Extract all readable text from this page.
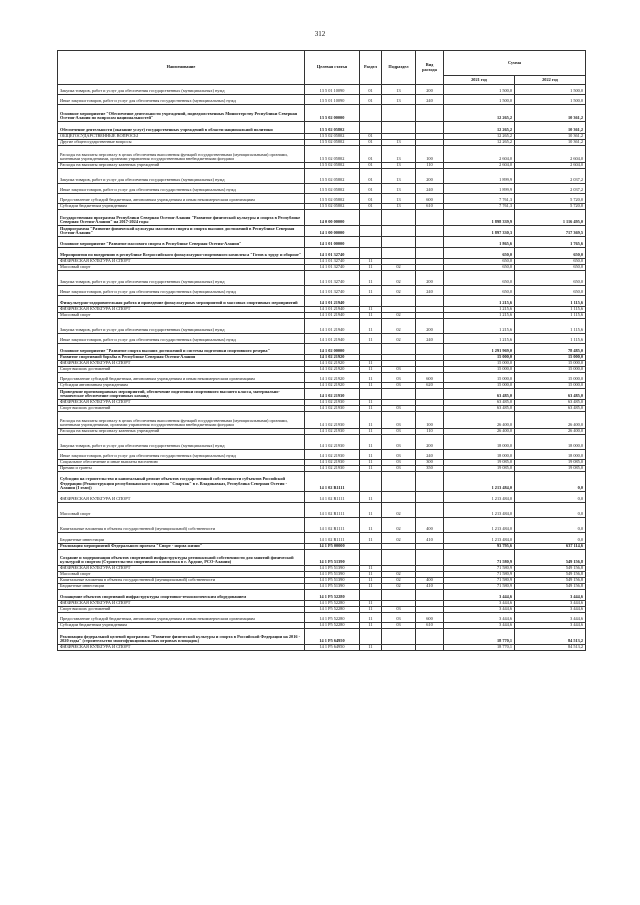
312
Наименование	Целевая статья	Раздел	Подраздел	Вид расхода	Сумма	
					2021 год	2022 год
Закупка товаров, работ и услуг для обеспечения государственных (муниципальных) нужд	13 5 01 10090	01	13	200	1 500,0	1 500,0
Иные закупки товаров, работ и услуг для обеспечения государственных (муниципальных) нужд	13 5 01 10090	01	13	240	1 500,0	1 500,0
Основное мероприятие "Обеспечение деятельности учреждений, подведомственных Министерству Республики Северная Осетия-Алания по вопросам национальностей"	13 5 02 00000				12 265,2	10 361,2
Обеспечение деятельности (оказание услуг) государственных учреждений в области национальной политики	13 5 02 05802				12 265,2	10 361,2
ОБЩЕГОСУДАРСТВЕННЫЕ ВОПРОСЫ	13 5 02 05802	01			12 265,2	10 361,2
Другие общегосударственные вопросы	13 5 02 05802	01	13		12 265,2	10 361,2
Расходы на выплаты персоналу в целях обеспечения выполнения функций государственными (муниципальными) органами, казенными учреждениями, органами управления государственными внебюджетными фондами	13 5 02 05802	01	13	100	2 604,0	2 604,0
Расходы на выплаты персоналу казенных учреждений	13 5 02 05802	01	13	110	2 604,0	2 604,0
Закупка товаров, работ и услуг для обеспечения государственных (муниципальных) нужд	13 5 02 05802	01	13	200	1 899,9	2 037,2
Иные закупки товаров, работ и услуг для обеспечения государственных (муниципальных) нужд	13 5 02 05802	01	13	240	1 899,9	2 037,2
Предоставление субсидий бюджетным, автономным учреждениям и иным некоммерческим организациям	13 5 02 05802	01	13	600	7 761,3	5 720,0
Субсидии бюджетным учреждениям	13 5 02 05802	01	13	610	7 761,3	5 720,0
Государственная программа Республики Северная Осетия-Алания "Развитие физической культуры и спорта в Республике Северная Осетия-Алания" на 2017-2024 годы	14 0 00 00000				1 898 339,9	1 116 495,0
Подпрограмма "Развитие физической культуры массового спорта и спорта высших достижений в Республике Северная Осетия-Алания"	14 1 00 00000				1 897 330,3	717 369,5
Основное мероприятие "Развитие массового спорта в Республике Северная Осетия-Алания"	14 1 01 00000				1 865,6	1 765,6
Мероприятия по внедрению в республике Всероссийского физкультурно-спортивного комплекса "Готов к труду и обороне"	14 1 01 32740				650,0	650,0
ФИЗИЧЕСКАЯ КУЛЬТУРА И СПОРТ	14 1 01 32740	11			650,0	650,0
Массовый спорт	14 1 01 32740	11	02		650,0	650,0
Закупка товаров, работ и услуг для обеспечения государственных (муниципальных) нужд	14 1 01 32740	11	02	200	650,0	650,0
Иные закупки товаров, работ и услуг для обеспечения государственных (муниципальных) нужд	14 1 01 32740	11	02	240	650,0	650,0
Физкультурно-оздоровительная работа и проведение физкультурных мероприятий и массовых спортивных мероприятий	14 1 01 21940				1 215,6	1 115,6
ФИЗИЧЕСКАЯ КУЛЬТУРА И СПОРТ	14 1 01 21940	11			1 215,6	1 115,6
Массовый спорт	14 1 01 21940	11	02		1 215,6	1 115,6
Закупка товаров, работ и услуг для обеспечения государственных (муниципальных) нужд	14 1 01 21940	11	02	200	1 215,6	1 115,6
Иные закупки товаров, работ и услуг для обеспечения государственных (муниципальных) нужд	14 1 01 21940	11	02	240	1 215,6	1 115,6
Основное мероприятие "Развитие спорта высших достижений и системы подготовки спортивного резерва"	14 1 02 00000				1 291 969,0	78 485,0
Развитие спортивной борьбы в Республике Северная Осетия-Алания	14 1 02 21920				15 000,0	15 000,0
ФИЗИЧЕСКАЯ КУЛЬТУРА И СПОРТ	14 1 02 21920	11			15 000,0	15 000,0
Спорт высших достижений	14 1 02 21920	11	03		15 000,0	15 000,0
Предоставление субсидий бюджетным, автономным учреждениям и иным некоммерческим организациям	14 1 02 21920	11	03	600	15 000,0	15 000,0
Субсидии автономным учреждениям	14 1 02 21920	11	03	620	15 000,0	15 000,0
Проведение противоправных мероприятий, обеспечение подготовки спортивного высшего класса, материально-техническое обеспечение спортивных команд	14 1 02 21930				63 485,0	63 485,0
ФИЗИЧЕСКАЯ КУЛЬТУРА И СПОРТ	14 1 02 21930	11			63 485,0	63 485,0
Спорт высших достижений	14 1 02 21930	11	03		63 485,0	63 485,0
Расходы на выплаты персоналу в целях обеспечения выполнения функций государственными (муниципальными) органами, казенными учреждениями, органами управления государственными внебюджетными фондами	14 1 02 21930	11	03	100	26 400,0	26 400,0
Расходы на выплаты персоналу казенных учреждений	14 1 02 21930	11	03	110	26 400,0	26 400,0
Закупка товаров, работ и услуг для обеспечения государственных (муниципальных) нужд	14 1 02 21930	11	03	200	18 000,0	18 000,0
Иные закупки товаров, работ и услуг для обеспечения государственных (муниципальных) нужд	14 1 02 21930	11	03	240	18 000,0	18 000,0
Социальное обеспечение и иные выплаты населению	14 1 02 21930	11	03	300	19 085,0	19 085,0
Премии и гранты	14 1 02 21930	11	03	350	19 085,0	19 085,0
Субсидии на строительство и капитальный ремонт объектов государственной собственности субъектов Российской Федерации (Реконструкция республиканского стадиона "Спартак" в г. Владикавказ, Республика Северная Осетия - Алания (I этап))	14 1 02 R1111				1 213 484,0	0,0
ФИЗИЧЕСКАЯ КУЛЬТУРА И СПОРТ	14 1 02 R1111	11			1 213 484,0	0,0
Массовый спорт	14 1 02 R1111	11	02		1 213 484,0	0,0
Капитальные вложения в объекты государственной (муниципальной) собственности	14 1 02 R1111	11	02	400	1 213 484,0	0,0
Бюджетные инвестиции	14 1 02 R1111	11	02	410	1 213 484,0	0,0
Реализация мероприятий Федерального проекта "Спорт - норма жизни"	14 1 P5 00000				93 795,6	637 114,6
Создание и модернизация объектов спортивной инфраструктуры региональной собственности для занятий физической культурой и спортом (Строительство спортивного комплекса в г. Ардоне, РСО-Алания)	14 1 P5 51390				71 580,9	549 156,8
ФИЗИЧЕСКАЯ КУЛЬТУРА И СПОРТ	14 1 P5 51390	11			71 580,9	549 156,8
Массовый спорт	14 1 P5 51390	11	02		71 580,9	549 156,8
Капитальные вложения в объекты государственной (муниципальной) собственности	14 1 P5 51390	11	02	400	71 580,9	549 156,8
Бюджетные инвестиции	14 1 P5 51390	11	02	410	71 580,9	549 156,8
Оснащение объектов спортивной инфраструктуры спортивно-технологическим оборудованием	14 1 P5 52280				3 444,6	3 444,6
ФИЗИЧЕСКАЯ КУЛЬТУРА И СПОРТ	14 1 P5 52280	11			3 444,6	3 444,6
Спорт высших достижений	14 1 P5 52280	11	03		3 444,6	3 444,6
Предоставление субсидий бюджетным, автономным учреждениям и иным некоммерческим организациям	14 1 P5 52280	11	03	600	3 444,6	3 444,6
Субсидии бюджетным учреждениям	14 1 P5 52280	11	03	610	3 444,6	3 444,6
Реализация федеральной целевой программы "Развитие физической культуры и спорта в Российской Федерации на 2016 - 2020 годы" (строительство многофункциональных игровых площадок)	14 1 P5 64950				18 770,1	84 513,2
ФИЗИЧЕСКАЯ КУЛЬТУРА И СПОРТ	14 1 P5 64950	11			18 770,1	84 513,2
